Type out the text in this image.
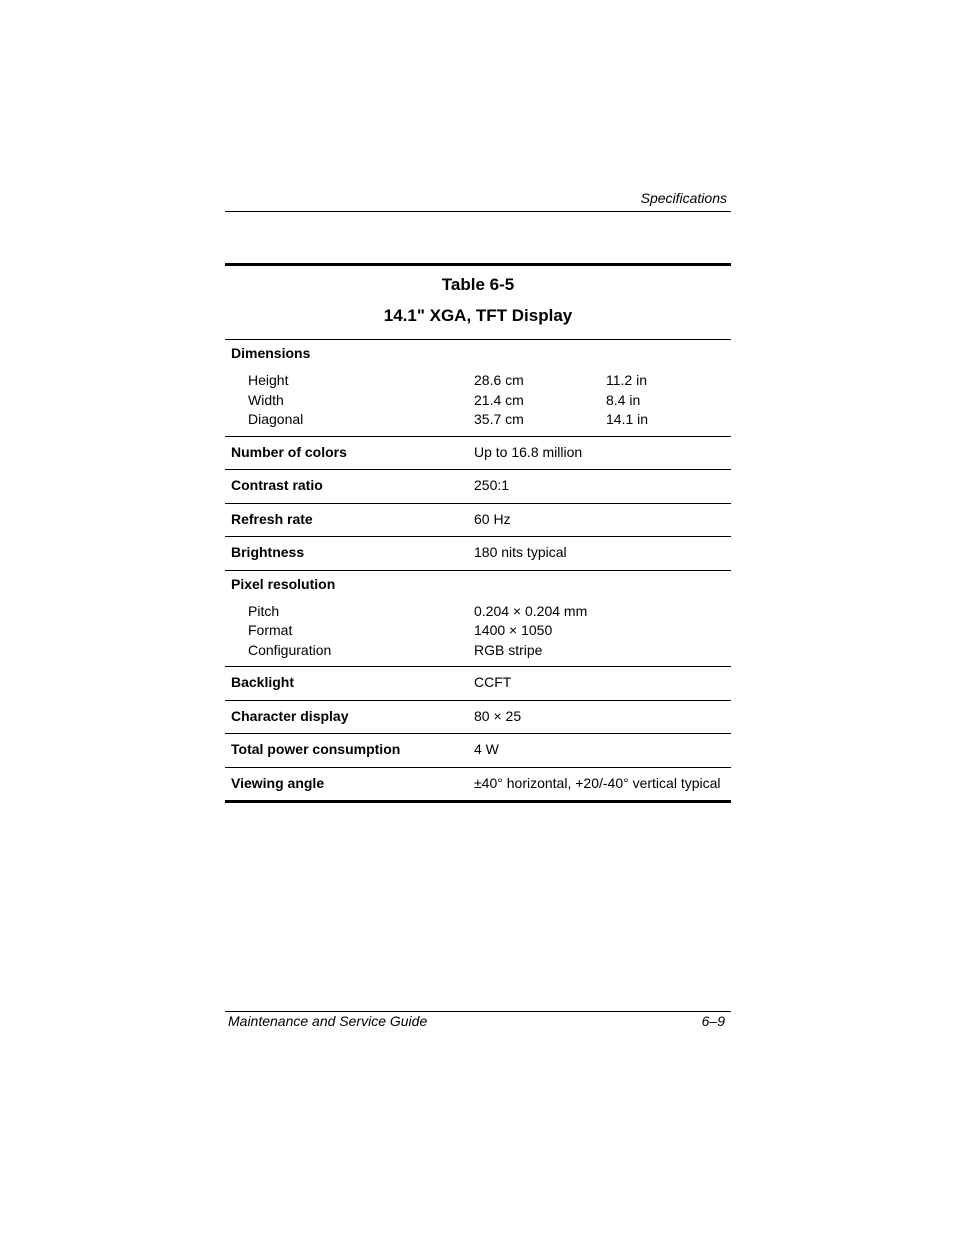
Specifications
Table 6-5
14.1" XGA, TFT Display
Dimensions
Height	28.6 cm	11.2 in
Width	21.4 cm	8.4 in
Diagonal	35.7 cm	14.1 in
Number of colors	Up to 16.8 million
Contrast ratio	250:1
Refresh rate	60 Hz
Brightness	180 nits typical
Pixel resolution
Pitch	0.204 × 0.204 mm
Format	1400 × 1050
Configuration	RGB stripe
Backlight	CCFT
Character display	80 × 25
Total power consumption	4 W
Viewing angle	±40° horizontal, +20/-40° vertical typical
Maintenance and Service Guide	6–9
